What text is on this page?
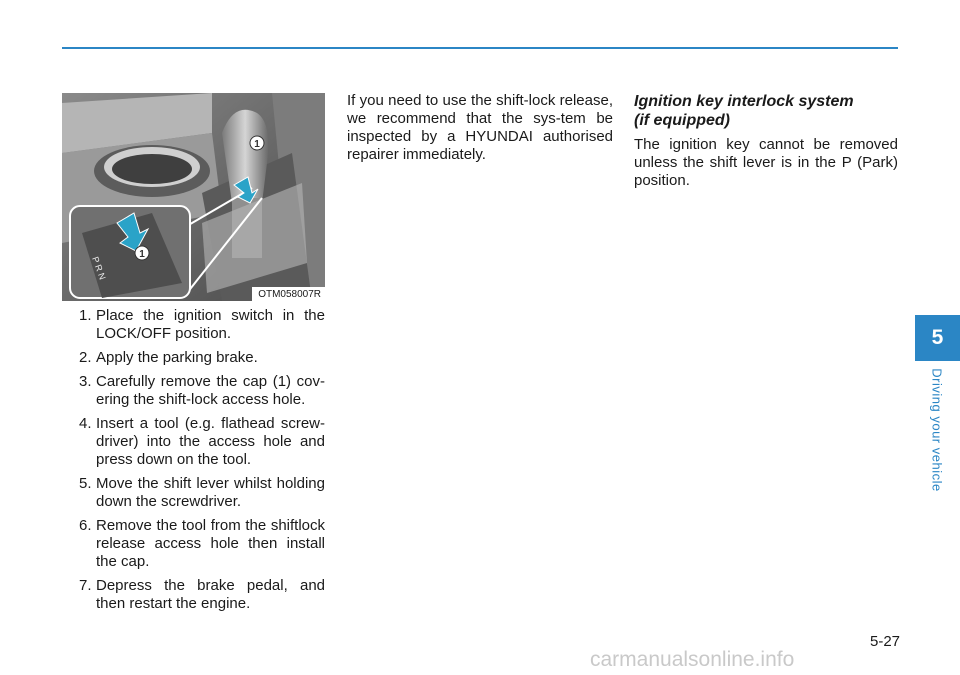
1
1
P R N
OTM058007R
1. Place the ignition switch in the LOCK/OFF position.
2. Apply the parking brake.
3. Carefully remove the cap (1) cov-ering the shift-lock access hole.
4. Insert a tool (e.g. flathead screw-driver) into the access hole and press down on the tool.
5. Move the shift lever whilst holding down the screwdriver.
6. Remove the tool from the shiftlock release access hole then install the cap.
7. Depress the brake pedal, and then restart the engine.

If you need to use the shift-lock release, we recommend that the sys-tem be inspected by a HYUNDAI authorised repairer immediately.

Ignition key interlock system
(if equipped)

The ignition key cannot be removed unless the shift lever is in the P (Park) position.

5
Driving your vehicle
5-27
carmanualsonline.info
